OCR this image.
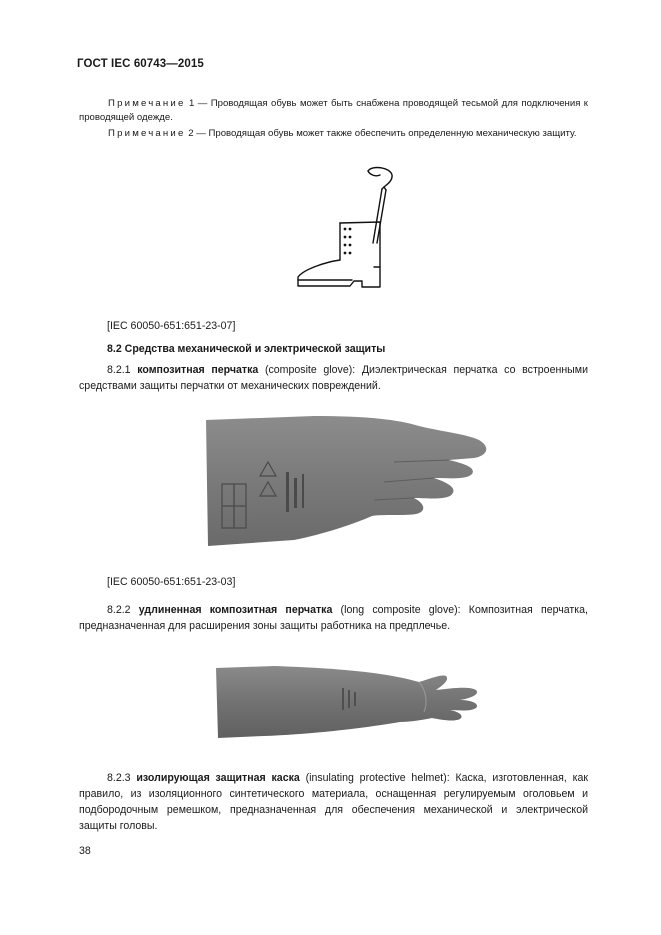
ГОСТ IEC 60743—2015
Примечание 1 — Проводящая обувь может быть снабжена проводящей тесьмой для подключения к проводящей одежде.
Примечание 2 — Проводящая обувь может также обеспечить определенную механическую защиту.
[IEC 60050-651:651-23-07]
8.2 Средства механической и электрической защиты
8.2.1 композитная перчатка (composite glove): Диэлектрическая перчатка со встроенными средствами защиты перчатки от механических повреждений.
[IEC 60050-651:651-23-03]
8.2.2 удлиненная композитная перчатка (long composite glove): Композитная перчатка, предназначенная для расширения зоны защиты работника на предплечье.
8.2.3 изолирующая защитная каска (insulating protective helmet): Каска, изготовленная, как правило, из изоляционного синтетического материала, оснащенная регулируемым оголовьем и подбородочным ремешком, предназначенная для обеспечения механической и электрической защиты головы.
38
